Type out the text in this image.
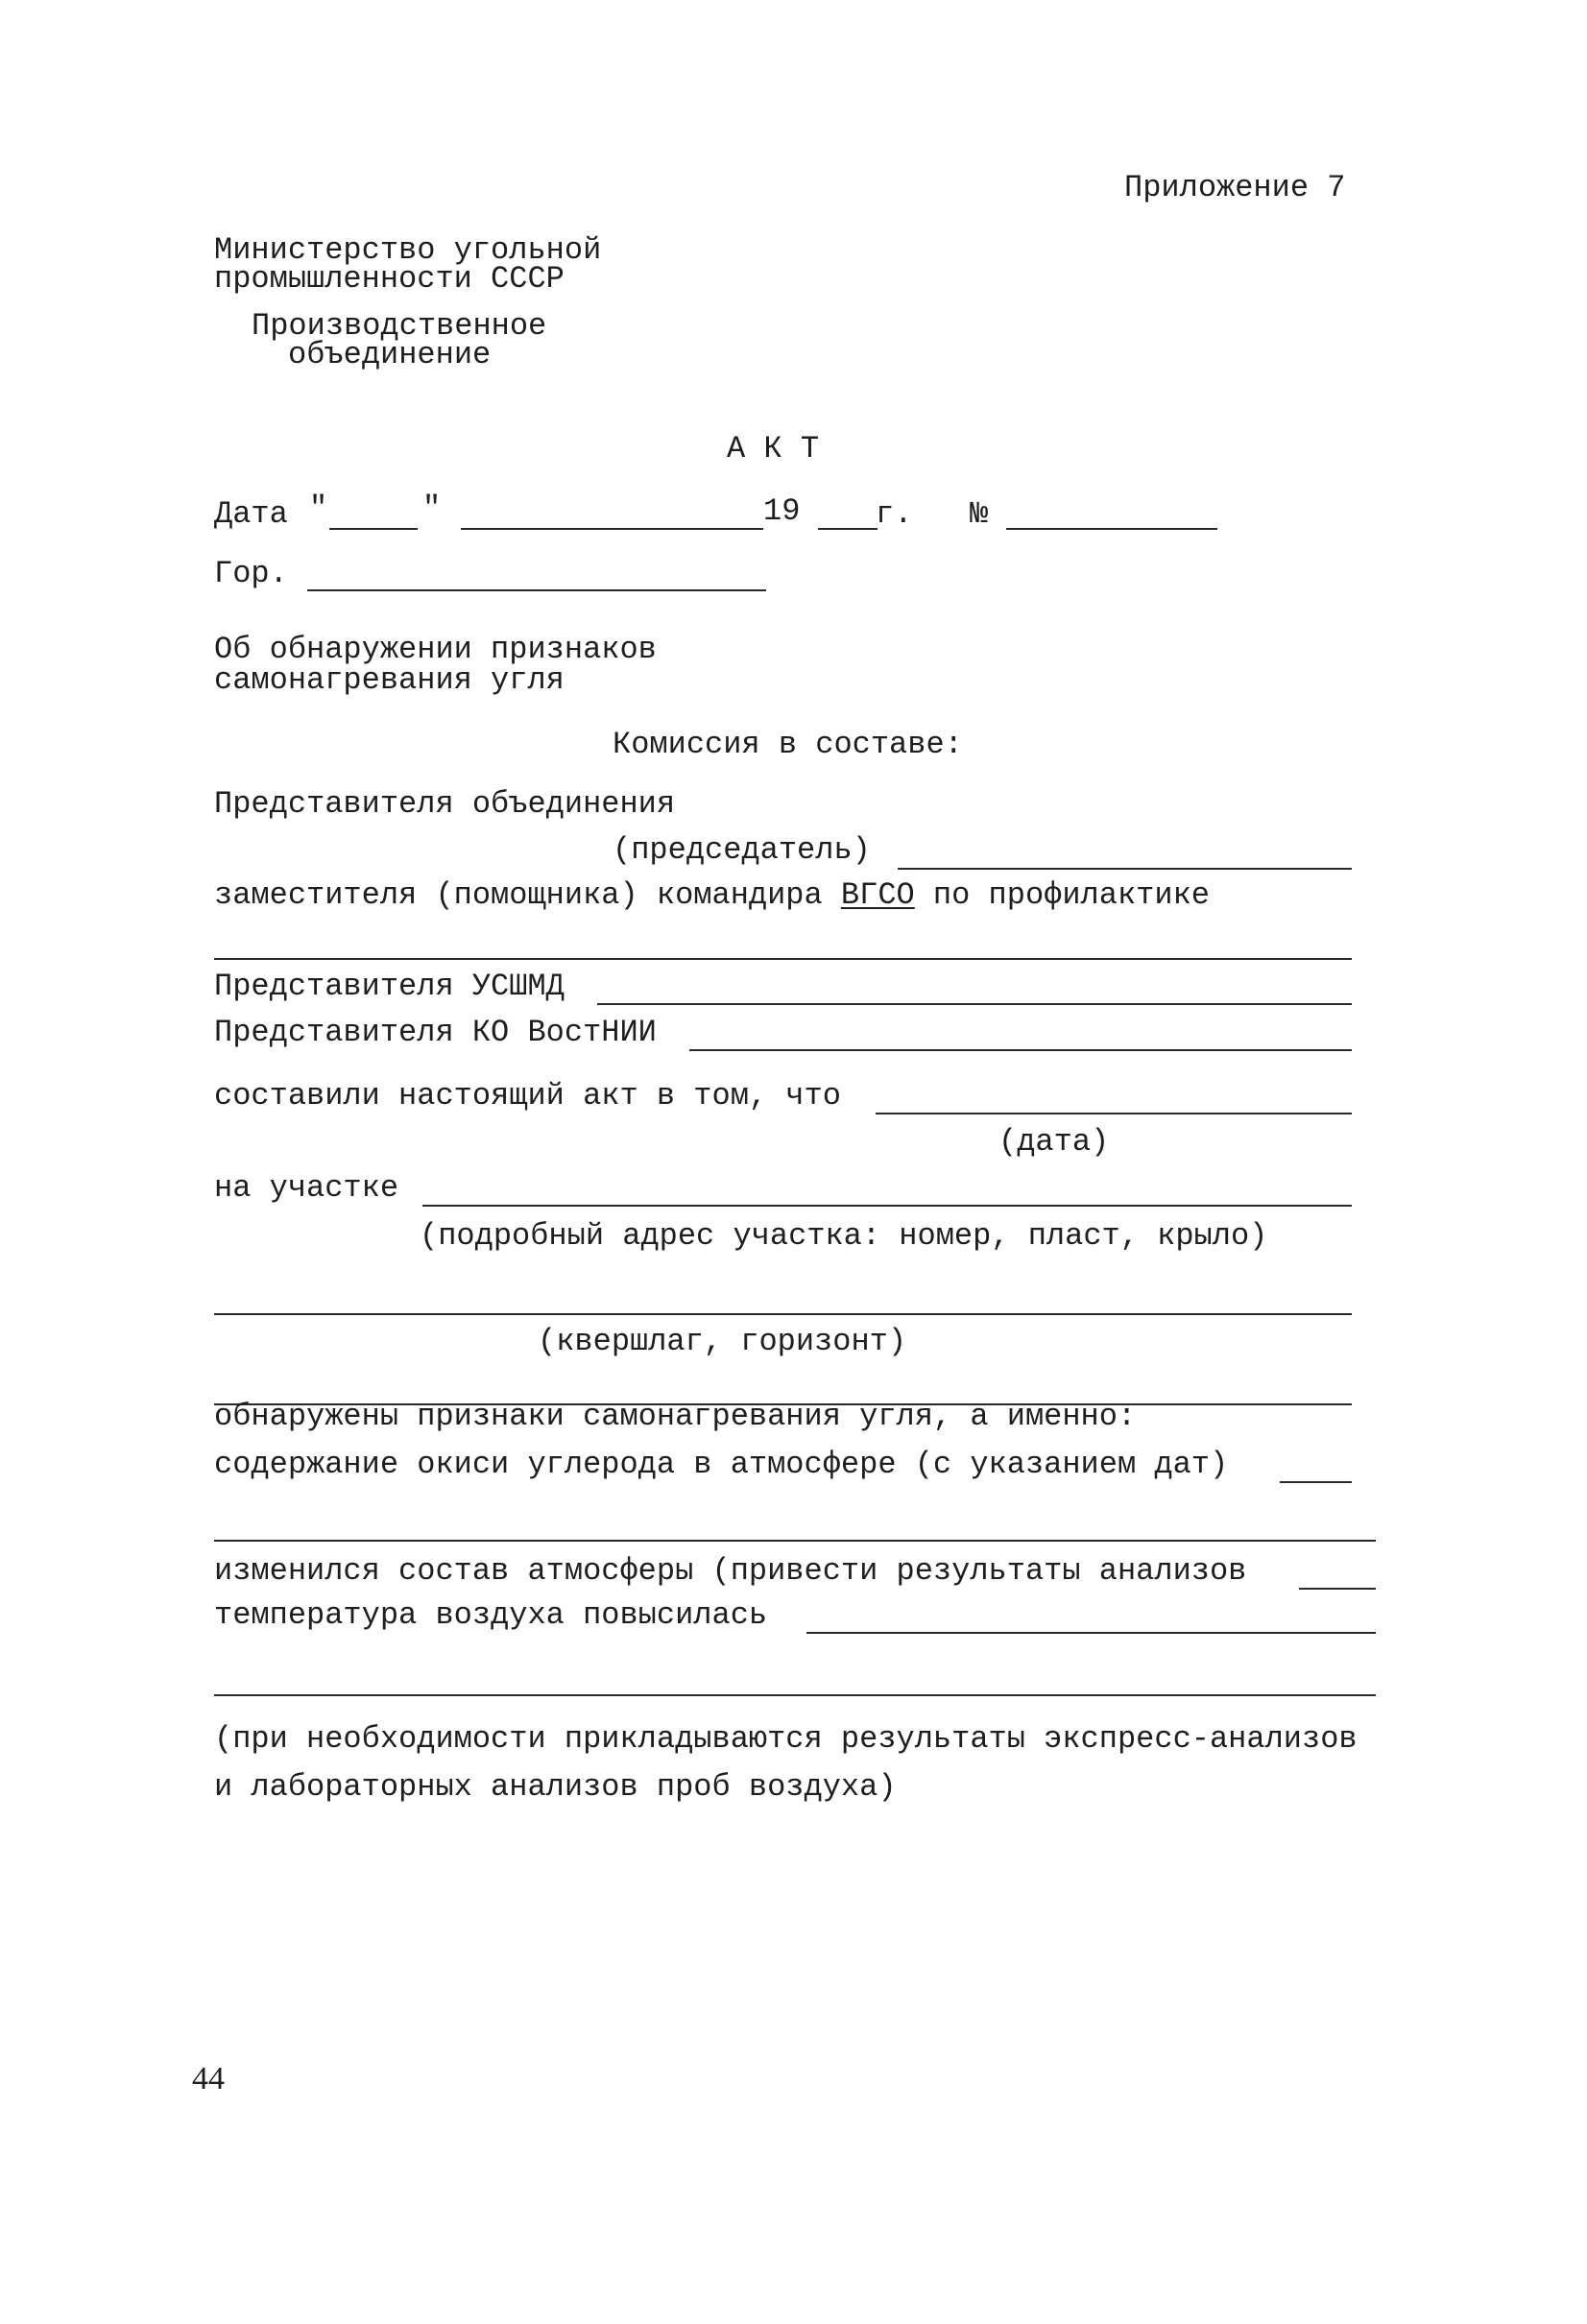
Приложение 7
Министерство угольной
промышленности СССР
Производственное
объединение
А К Т
Дата "	"	19 г. №
Гор.
Об обнаружении признаков
самонагревания угля
Комиссия в составе:
Представителя объединения
(председатель)
заместителя (помощника) командира ВГСО по профилактике
Представителя УСШМД
Представителя КО ВостНИИ
составили настоящий акт в том, что
(дата)
на участке
(подробный адрес участка: номер, пласт, крыло)
(квершлаг, горизонт)
обнаружены признаки самонагревания угля, а именно:
содержание окиси углерода в атмосфере (с указанием дат)
изменился состав атмосферы (привести результаты анализов
температура воздуха повысилась
(при необходимости прикладываются результаты экспресс-анализов
и лабораторных анализов проб воздуха)
44
